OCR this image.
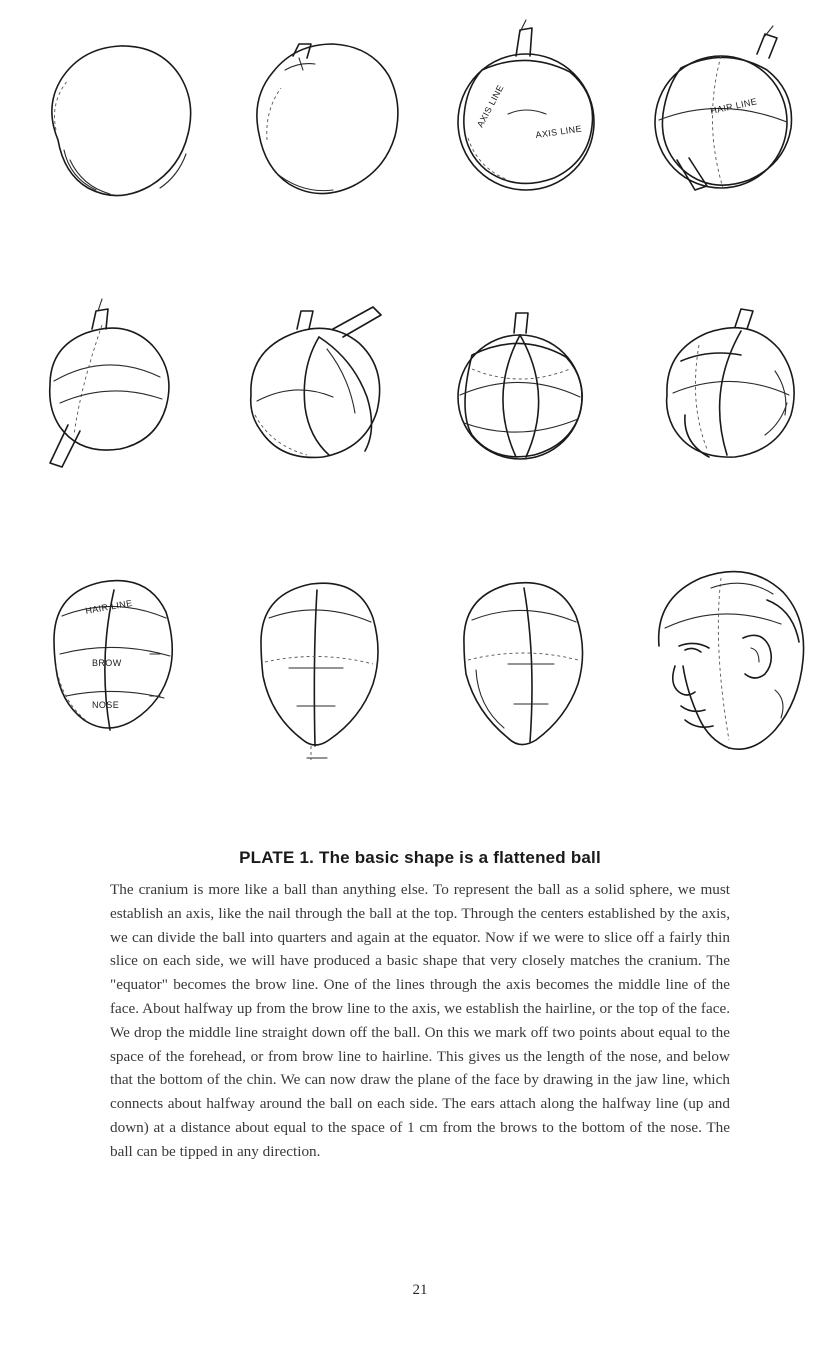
AXIS LINE
AXIS LINE
HAIR LINE
HAIR LINE
BROW
NOSE
PLATE 1. The basic shape is a flattened ball

The cranium is more like a ball than anything else. To represent the ball as a solid sphere, we must establish an axis, like the nail through the ball at the top. Through the centers established by the axis, we can divide the ball into quarters and again at the equator. Now if we were to slice off a fairly thin slice on each side, we will have produced a basic shape that very closely matches the cranium. The "equator" becomes the brow line. One of the lines through the axis becomes the middle line of the face. About halfway up from the brow line to the axis, we establish the hairline, or the top of the face. We drop the middle line straight down off the ball. On this we mark off two points about equal to the space of the forehead, or from brow line to hairline. This gives us the length of the nose, and below that the bottom of the chin. We can now draw the plane of the face by drawing in the jaw line, which connects about halfway around the ball on each side. The ears attach along the halfway line (up and down) at a distance about equal to the space of 1 cm from the brows to the bottom of the nose. The ball can be tipped in any direction.

21
